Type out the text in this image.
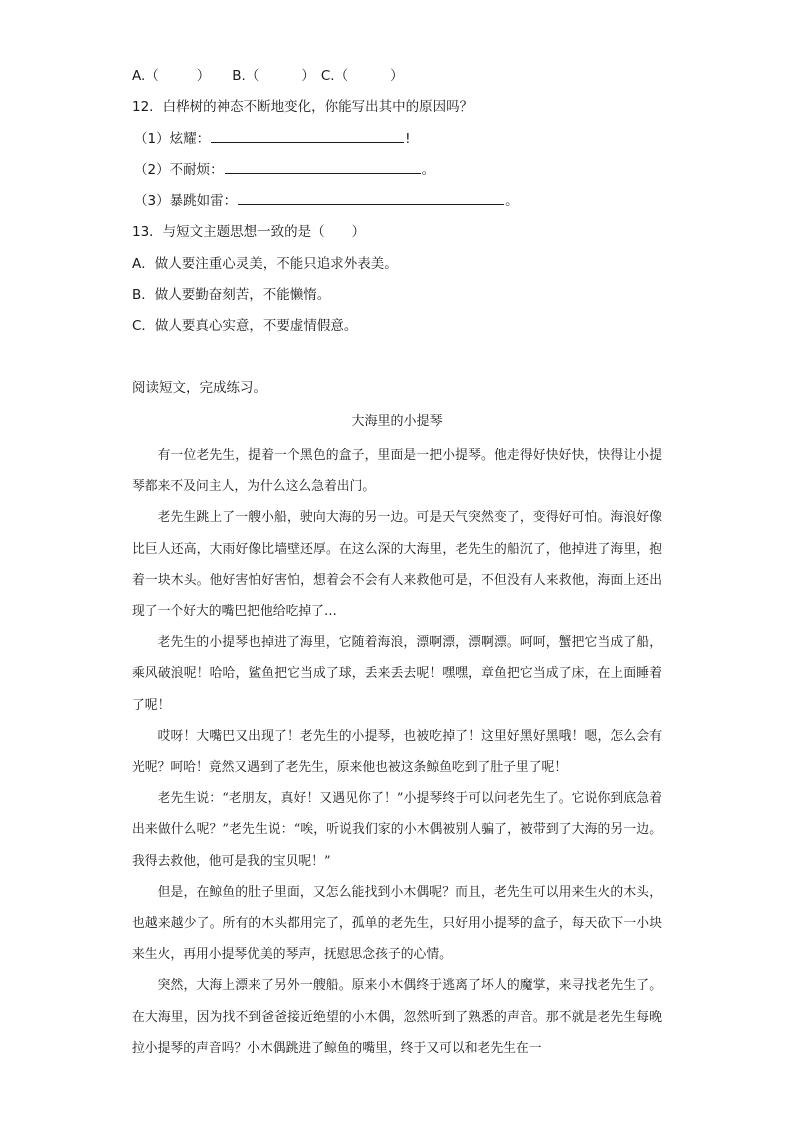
A.（	） B.（	） C.（	）
12．白桦树的神态不断地变化，你能写出其中的原因吗？
（1）炫耀：	!
（2）不耐烦：	。
（3）暴跳如雷：	。
13．与短文主题思想一致的是（　　）
A．做人要注重心灵美，不能只追求外表美。
B．做人要勤奋刻苦，不能懒惰。
C．做人要真心实意，不要虚情假意。
阅读短文，完成练习。
大海里的小提琴

有一位老先生，提着一个黑色的盒子，里面是一把小提琴。他走得好快好快，快得让小提琴都来不及问主人，为什么这么急着出门。

老先生跳上了一艘小船，驶向大海的另一边。可是天气突然变了，变得好可怕。海浪好像比巨人还高，大雨好像比墙壁还厚。在这么深的大海里，老先生的船沉了，他掉进了海里，抱着一块木头。他好害怕好害怕，想着会不会有人来救他可是，不但没有人来救他，海面上还出现了一个好大的嘴巴把他给吃掉了…

老先生的小提琴也掉进了海里，它随着海浪，漂啊漂，漂啊漂。呵呵，蟹把它当成了船，乘风破浪呢！哈哈，鲨鱼把它当成了球，丢来丢去呢！嘿嘿，章鱼把它当成了床，在上面睡着了呢！

哎呀！大嘴巴又出现了！老先生的小提琴，也被吃掉了！这里好黑好黑哦！嗯，怎么会有光呢？呵哈！竟然又遇到了老先生，原来他也被这条鲸鱼吃到了肚子里了呢！

老先生说：“老朋友，真好！又遇见你了！”小提琴终于可以问老先生了。它说你到底急着出来做什么呢？”老先生说：“唉，听说我们家的小木偶被别人骗了，被带到了大海的另一边。我得去救他，他可是我的宝贝呢！”

但是，在鲸鱼的肚子里面，又怎么能找到小木偶呢？而且，老先生可以用来生火的木头，也越来越少了。所有的木头都用完了，孤单的老先生，只好用小提琴的盒子，每天砍下一小块来生火，再用小提琴优美的琴声，抚慰思念孩子的心情。

突然，大海上漂来了另外一艘船。原来小木偶终于逃离了坏人的魔掌，来寻找老先生了。在大海里，因为找不到爸爸接近绝望的小木偶，忽然听到了熟悉的声音。那不就是老先生每晚拉小提琴的声音吗？小木偶跳进了鲸鱼的嘴里，终于又可以和老先生在一
